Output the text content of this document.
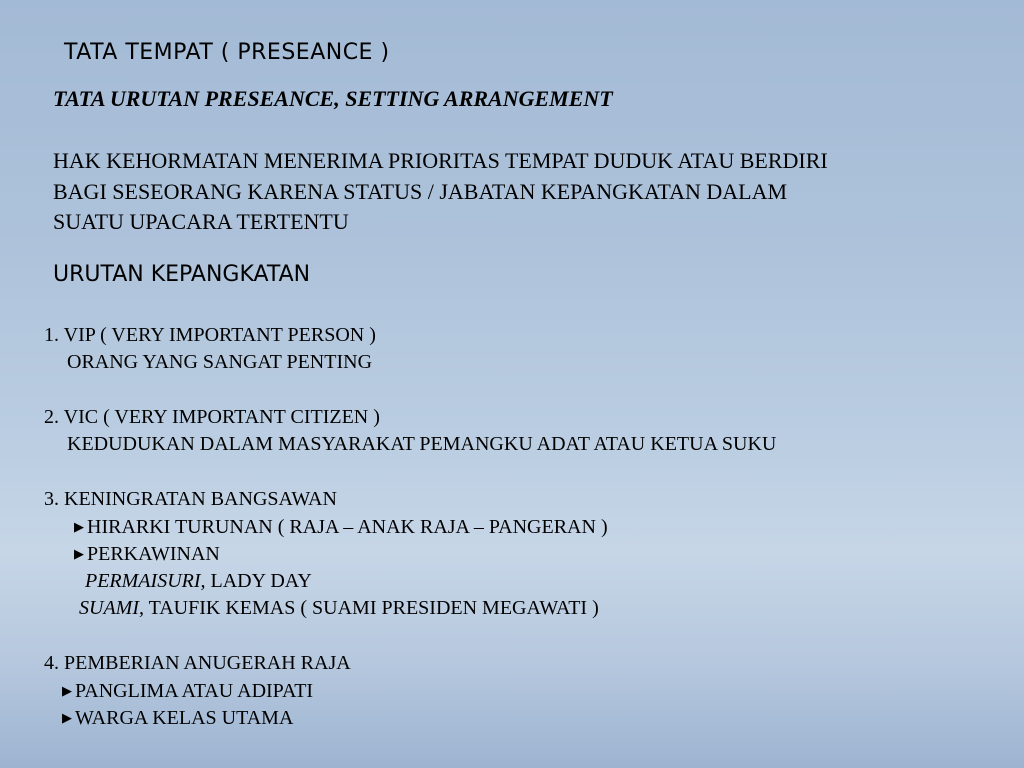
TATA TEMPAT ( PRESEANCE )

TATA URUTAN PRESEANCE, SETTING ARRANGEMENT

HAK KEHORMATAN MENERIMA PRIORITAS TEMPAT DUDUK ATAU BERDIRI
BAGI SESEORANG KARENA STATUS / JABATAN KEPANGKATAN DALAM
SUATU UPACARA TERTENTU

URUTAN KEPANGKATAN

1. VIP ( VERY IMPORTANT PERSON )
ORANG YANG SANGAT PENTING
2. VIC ( VERY IMPORTANT CITIZEN )
KEDUDUKAN DALAM MASYARAKAT PEMANGKU ADAT ATAU KETUA SUKU
3. KENINGRATAN BANGSAWAN
▶ HIRARKI TURUNAN ( RAJA – ANAK RAJA – PANGERAN )
▶ PERKAWINAN
PERMAISURI, LADY DAY
SUAMI, TAUFIK KEMAS ( SUAMI PRESIDEN MEGAWATI )
4. PEMBERIAN ANUGERAH RAJA
▶ PANGLIMA ATAU ADIPATI
▶ WARGA KELAS UTAMA
